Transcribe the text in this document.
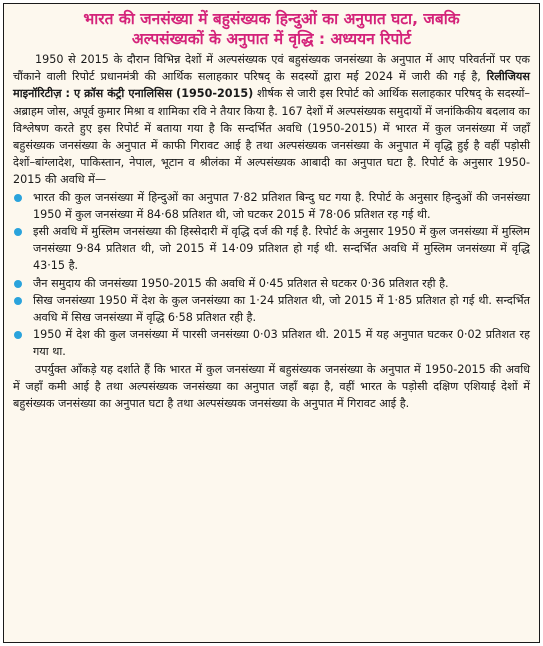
भारत की जनसंख्या में बहुसंख्यक हिन्दुओं का अनुपात घटा, जबकि
अल्पसंख्यकों के अनुपात में वृद्धि : अध्ययन रिपोर्ट

1950 से 2015 के दौरान विभिन्न देशों में अल्पसंख्यक एवं बहुसंख्यक जनसंख्या के अनुपात में आए परिवर्तनों पर एक चौंकाने वाली रिपोर्ट प्रधानमंत्री की आर्थिक सलाहकार परिषद् के सदस्यों द्वारा मई 2024 में जारी की गई है, रिलीजियस माइनॉरिटीज़ : ए क्रॉस कंट्री एनालिसिस (1950-2015) शीर्षक से जारी इस रिपोर्ट को आर्थिक सलाहकार परिषद् के सदस्यों–अब्राहम जोस, अपूर्व कुमार मिश्रा व शामिका रवि ने तैयार किया है. 167 देशों में अल्पसंख्यक समुदायों में जनांकिकीय बदलाव का विश्लेषण करते हुए इस रिपोर्ट में बताया गया है कि सन्दर्भित अवधि (1950-2015) में भारत में कुल जनसंख्या में जहाँ बहुसंख्यक जनसंख्या के अनुपात में काफी गिरावट आई है तथा अल्पसंख्यक जनसंख्या के अनुपात में वृद्धि हुई है वहीं पड़ोसी देशों–बांग्लादेश, पाकिस्तान, नेपाल, भूटान व श्रीलंका में अल्पसंख्यक आबादी का अनुपात घटा है. रिपोर्ट के अनुसार 1950-2015 की अवधि में—

भारत की कुल जनसंख्या में हिन्दुओं का अनुपात 7·82 प्रतिशत बिन्दु घट गया है. रिपोर्ट के अनुसार हिन्दुओं की जनसंख्या 1950 में कुल जनसंख्या में 84·68 प्रतिशत थी, जो घटकर 2015 में 78·06 प्रतिशत रह गई थी.
इसी अवधि में मुस्लिम जनसंख्या की हिस्सेदारी में वृद्धि दर्ज की गई है. रिपोर्ट के अनुसार 1950 में कुल जनसंख्या में मुस्लिम जनसंख्या 9·84 प्रतिशत थी, जो 2015 में 14·09 प्रतिशत हो गई थी. सन्दर्भित अवधि में मुस्लिम जनसंख्या में वृद्धि 43·15 है.
जैन समुदाय की जनसंख्या 1950-2015 की अवधि में 0·45 प्रतिशत से घटकर 0·36 प्रतिशत रही है.
सिख जनसंख्या 1950 में देश के कुल जनसंख्या का 1·24 प्रतिशत थी, जो 2015 में 1·85 प्रतिशत हो गई थी. सन्दर्भित अवधि में सिख जनसंख्या में वृद्धि 6·58 प्रतिशत रही है.
1950 में देश की कुल जनसंख्या में पारसी जनसंख्या 0·03 प्रतिशत थी. 2015 में यह अनुपात घटकर 0·02 प्रतिशत रह गया था.

उपर्युक्त आँकड़े यह दर्शाते हैं कि भारत में कुल जनसंख्या में बहुसंख्यक जनसंख्या के अनुपात में 1950-2015 की अवधि में जहाँ कमी आई है तथा अल्पसंख्यक जनसंख्या का अनुपात जहाँ बढ़ा है, वहीं भारत के पड़ोसी दक्षिण एशियाई देशों में बहुसंख्यक जनसंख्या का अनुपात घटा है तथा अल्पसंख्यक जनसंख्या के अनुपात में गिरावट आई है.
